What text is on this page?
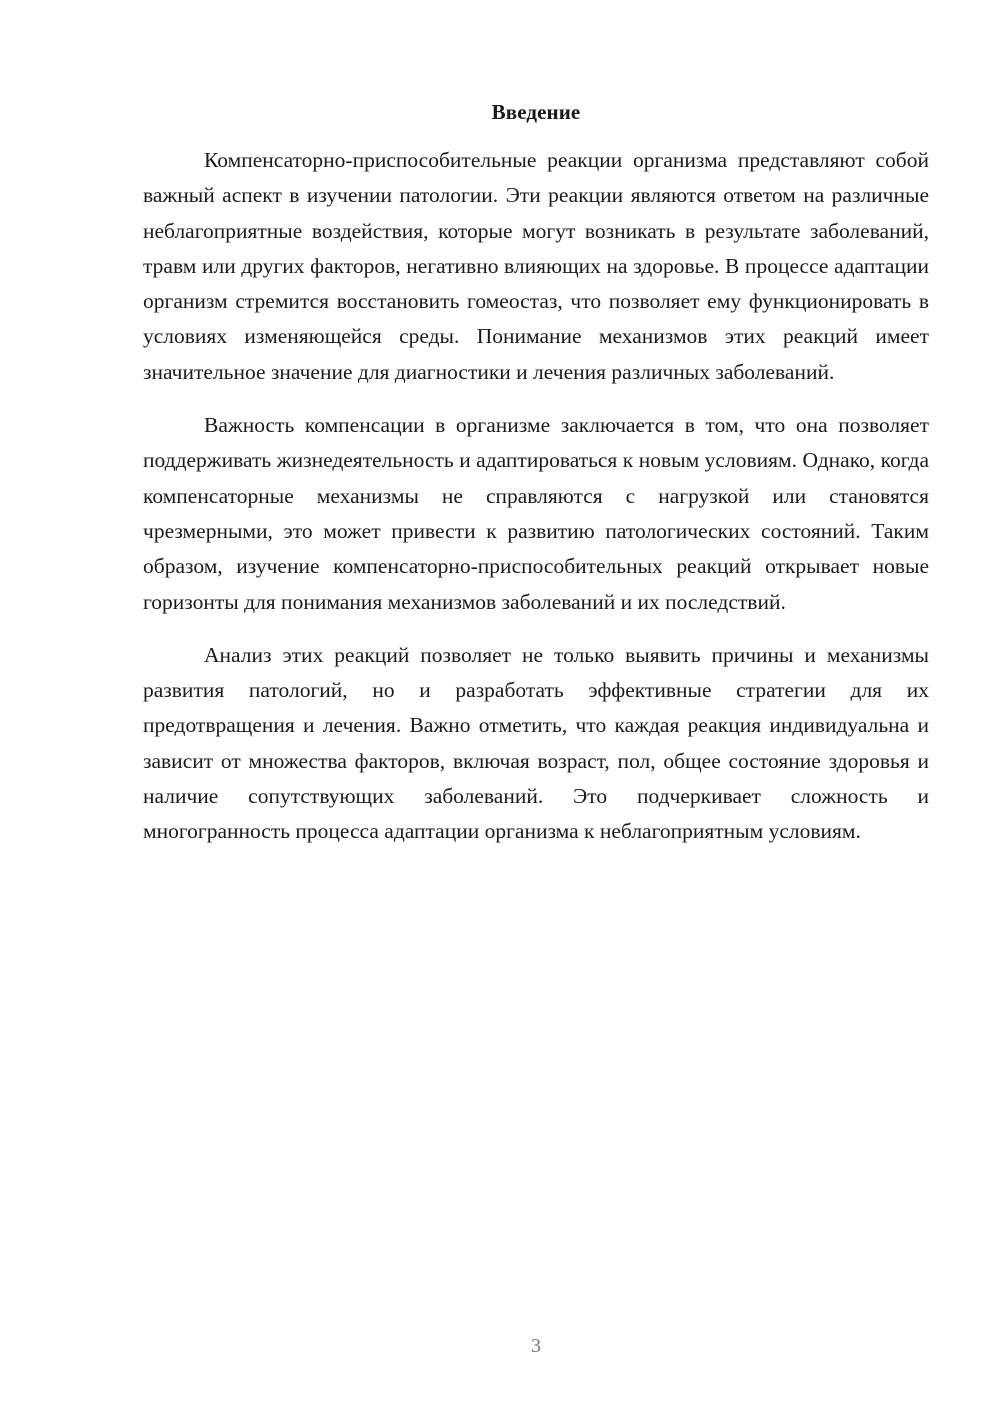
Введение

Компенсаторно-приспособительные реакции организма представляют собой важный аспект в изучении патологии. Эти реакции являются ответом на различные неблагоприятные воздействия, которые могут возникать в результате заболеваний, травм или других факторов, негативно влияющих на здоровье. В процессе адаптации организм стремится восстановить гомеостаз, что позволяет ему функционировать в условиях изменяющейся среды. Понимание механизмов этих реакций имеет значительное значение для диагностики и лечения различных заболеваний.

Важность компенсации в организме заключается в том, что она позволяет поддерживать жизнедеятельность и адаптироваться к новым условиям. Однако, когда компенсаторные механизмы не справляются с нагрузкой или становятся чрезмерными, это может привести к развитию патологических состояний. Таким образом, изучение компенсаторно-приспособительных реакций открывает новые горизонты для понимания механизмов заболеваний и их последствий.

Анализ этих реакций позволяет не только выявить причины и механизмы развития патологий, но и разработать эффективные стратегии для их предотвращения и лечения. Важно отметить, что каждая реакция индивидуальна и зависит от множества факторов, включая возраст, пол, общее состояние здоровья и наличие сопутствующих заболеваний. Это подчеркивает сложность и многогранность процесса адаптации организма к неблагоприятным условиям.

3
